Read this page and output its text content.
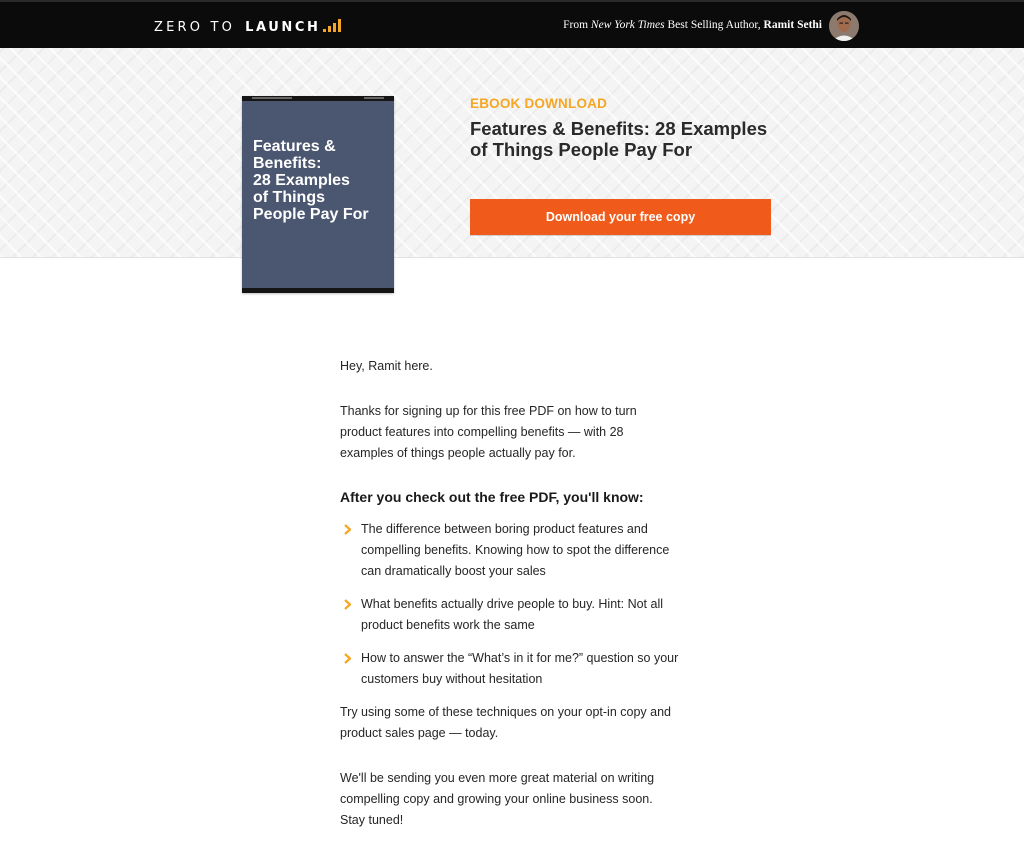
ZERO TO LAUNCH	From New York Times Best Selling Author, Ramit Sethi
Features &
Benefits:
28 Examples
of Things
People Pay For
EBOOK DOWNLOAD
Features & Benefits: 28 Examples of Things People Pay For
Download your free copy

Hey, Ramit here.

Thanks for signing up for this free PDF on how to turn product features into compelling benefits — with 28 examples of things people actually pay for.

After you check out the free PDF, you'll know:
The difference between boring product features and compelling benefits. Knowing how to spot the difference can dramatically boost your sales
What benefits actually drive people to buy. Hint: Not all product benefits work the same
How to answer the “What’s in it for me?” question so your customers buy without hesitation

Try using some of these techniques on your opt-in copy and product sales page — today.

We'll be sending you even more great material on writing compelling copy and growing your online business soon. Stay tuned!
